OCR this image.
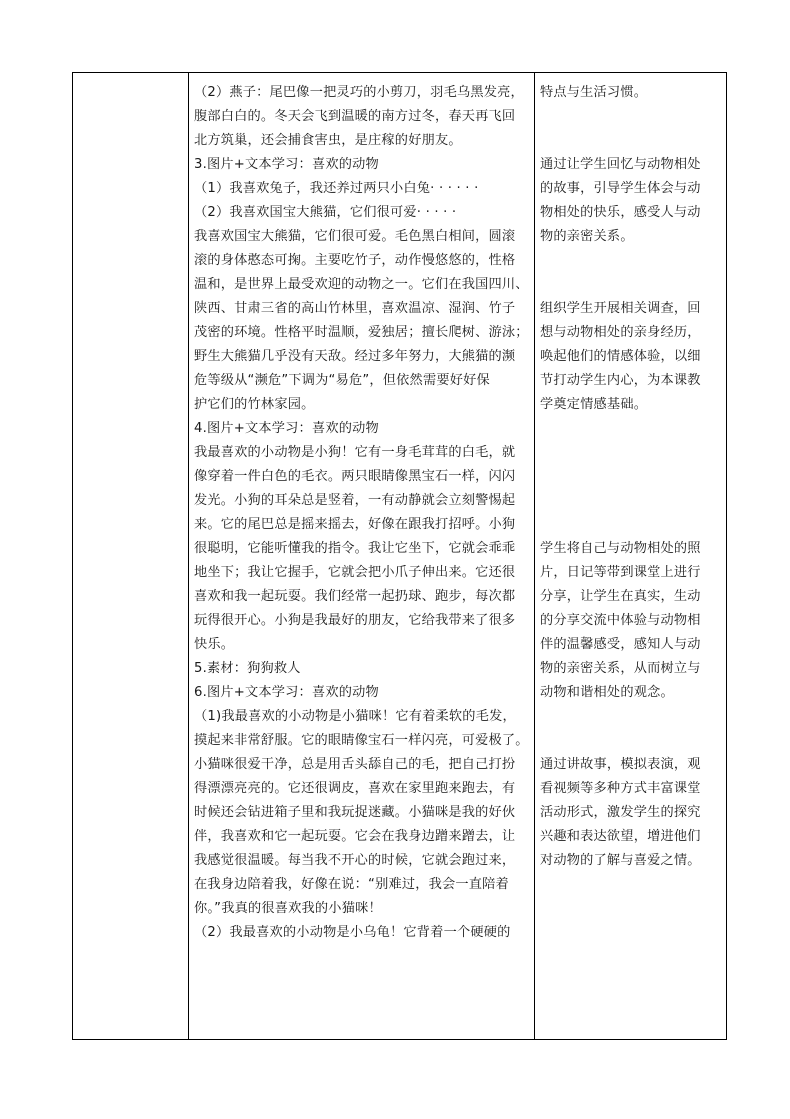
（2）燕子：尾巴像一把灵巧的小剪刀，羽毛乌黑发亮，
腹部白白的。冬天会飞到温暖的南方过冬，春天再飞回
北方筑巢，还会捕食害虫，是庄稼的好朋友。
3.图片+文本学习：喜欢的动物
（1）我喜欢兔子，我还养过两只小白兔· · · · · ·
（2）我喜欢国宝大熊猫，它们很可爱· · · · ·
我喜欢国宝大熊猫，它们很可爱。毛色黑白相间，圆滚
滚的身体憨态可掬。主要吃竹子，动作慢悠悠的，性格
温和，是世界上最受欢迎的动物之一。它们在我国四川、
陕西、甘肃三省的高山竹林里，喜欢温凉、湿润、竹子
茂密的环境。性格平时温顺，爱独居；擅长爬树、游泳；
野生大熊猫几乎没有天敌。经过多年努力，大熊猫的濒
危等级从“濒危”下调为“易危”，但依然需要好好保
护它们的竹林家园。
4.图片+文本学习：喜欢的动物
我最喜欢的小动物是小狗！它有一身毛茸茸的白毛，就
像穿着一件白色的毛衣。两只眼睛像黑宝石一样，闪闪
发光。小狗的耳朵总是竖着，一有动静就会立刻警惕起
来。它的尾巴总是摇来摇去，好像在跟我打招呼。小狗
很聪明，它能听懂我的指令。我让它坐下，它就会乖乖
地坐下；我让它握手，它就会把小爪子伸出来。它还很
喜欢和我一起玩耍。我们经常一起扔球、跑步，每次都
玩得很开心。小狗是我最好的朋友，它给我带来了很多
快乐。
5.素材：狗狗救人
6.图片+文本学习：喜欢的动物
（1)我最喜欢的小动物是小猫咪！它有着柔软的毛发，
摸起来非常舒服。它的眼睛像宝石一样闪亮，可爱极了。
小猫咪很爱干净，总是用舌头舔自己的毛，把自己打扮
得漂漂亮亮的。它还很调皮，喜欢在家里跑来跑去，有
时候还会钻进箱子里和我玩捉迷藏。小猫咪是我的好伙
伴，我喜欢和它一起玩耍。它会在我身边蹭来蹭去，让
我感觉很温暖。每当我不开心的时候，它就会跑过来，
在我身边陪着我，好像在说：“别难过，我会一直陪着
你。”我真的很喜欢我的小猫咪！
（2）我最喜欢的小动物是小乌龟！它背着一个硬硬的
特点与生活习惯。
通过让学生回忆与动物相处
的故事，引导学生体会与动
物相处的快乐，感受人与动
物的亲密关系。
组织学生开展相关调查，回
想与动物相处的亲身经历，
唤起他们的情感体验，以细
节打动学生内心，为本课教
学奠定情感基础。
学生将自己与动物相处的照
片，日记等带到课堂上进行
分享，让学生在真实，生动
的分享交流中体验与动物相
伴的温馨感受，感知人与动
物的亲密关系，从而树立与
动物和谐相处的观念。
通过讲故事，模拟表演，观
看视频等多种方式丰富课堂
活动形式，激发学生的探究
兴趣和表达欲望，增进他们
对动物的了解与喜爱之情。
